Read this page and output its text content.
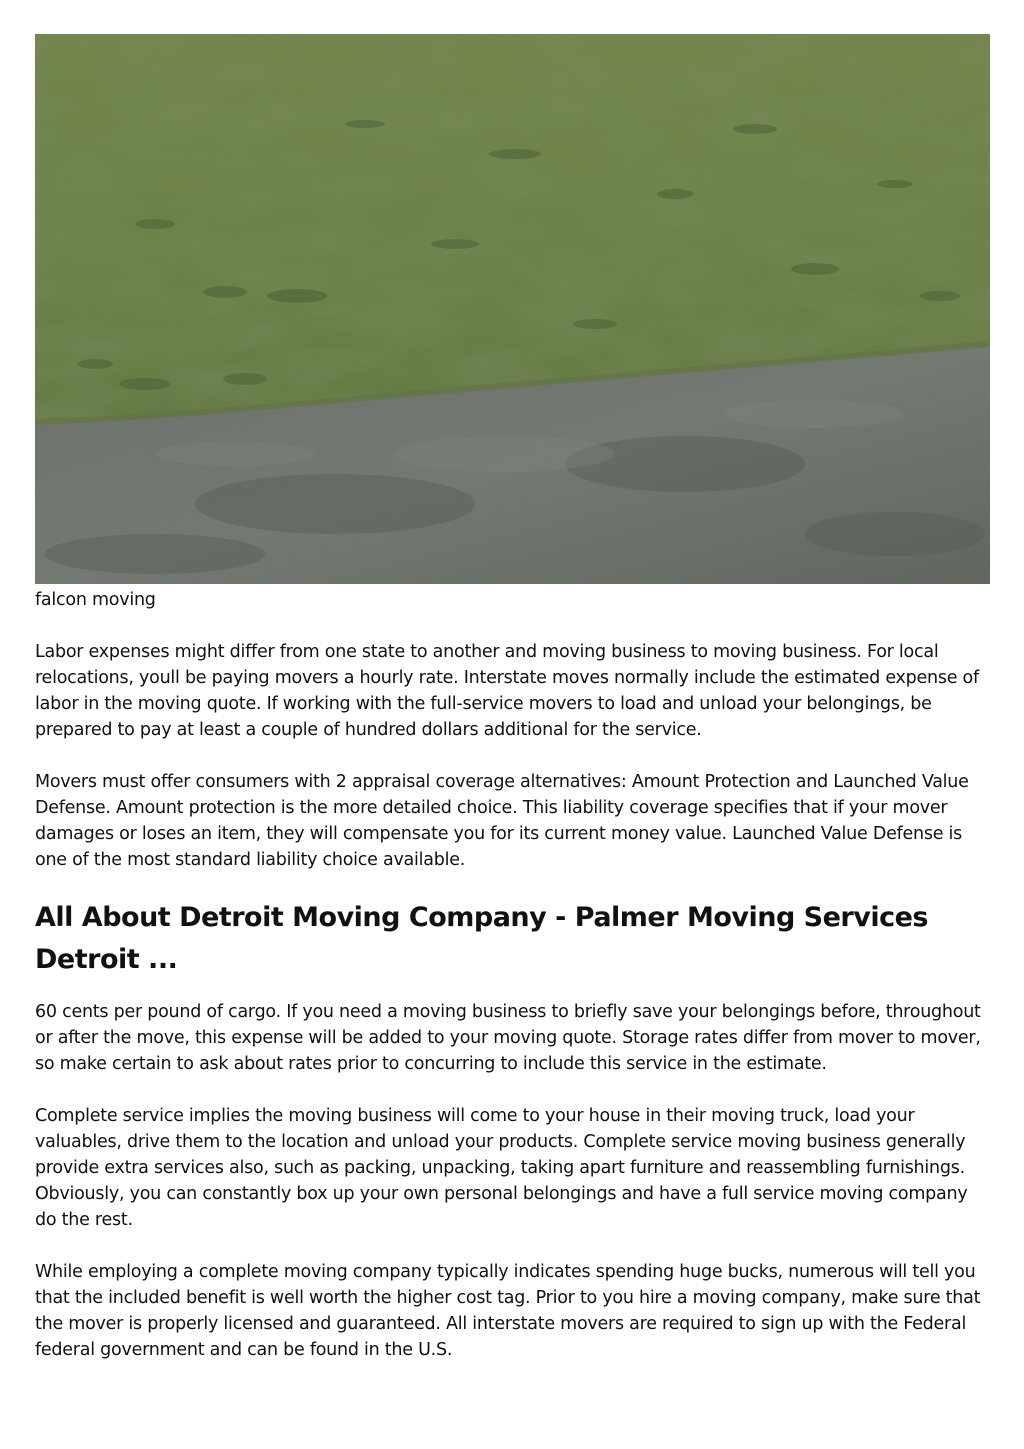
falcon moving

Labor expenses might differ from one state to another and moving business to moving business. For local relocations, youll be paying movers a hourly rate. Interstate moves normally include the estimated expense of labor in the moving quote. If working with the full-service movers to load and unload your belongings, be prepared to pay at least a couple of hundred dollars additional for the service.

Movers must offer consumers with 2 appraisal coverage alternatives: Amount Protection and Launched Value Defense. Amount protection is the more detailed choice. This liability coverage specifies that if your mover damages or loses an item, they will compensate you for its current money value. Launched Value Defense is one of the most standard liability choice available.

All About Detroit Moving Company - Palmer Moving Services Detroit ...

60 cents per pound of cargo. If you need a moving business to briefly save your belongings before, throughout or after the move, this expense will be added to your moving quote. Storage rates differ from mover to mover, so make certain to ask about rates prior to concurring to include this service in the estimate.

Complete service implies the moving business will come to your house in their moving truck, load your valuables, drive them to the location and unload your products. Complete service moving business generally provide extra services also, such as packing, unpacking, taking apart furniture and reassembling furnishings. Obviously, you can constantly box up your own personal belongings and have a full service moving company do the rest.

While employing a complete moving company typically indicates spending huge bucks, numerous will tell you that the included benefit is well worth the higher cost tag. Prior to you hire a moving company, make sure that the mover is properly licensed and guaranteed. All interstate movers are required to sign up with the Federal federal government and can be found in the U.S.
